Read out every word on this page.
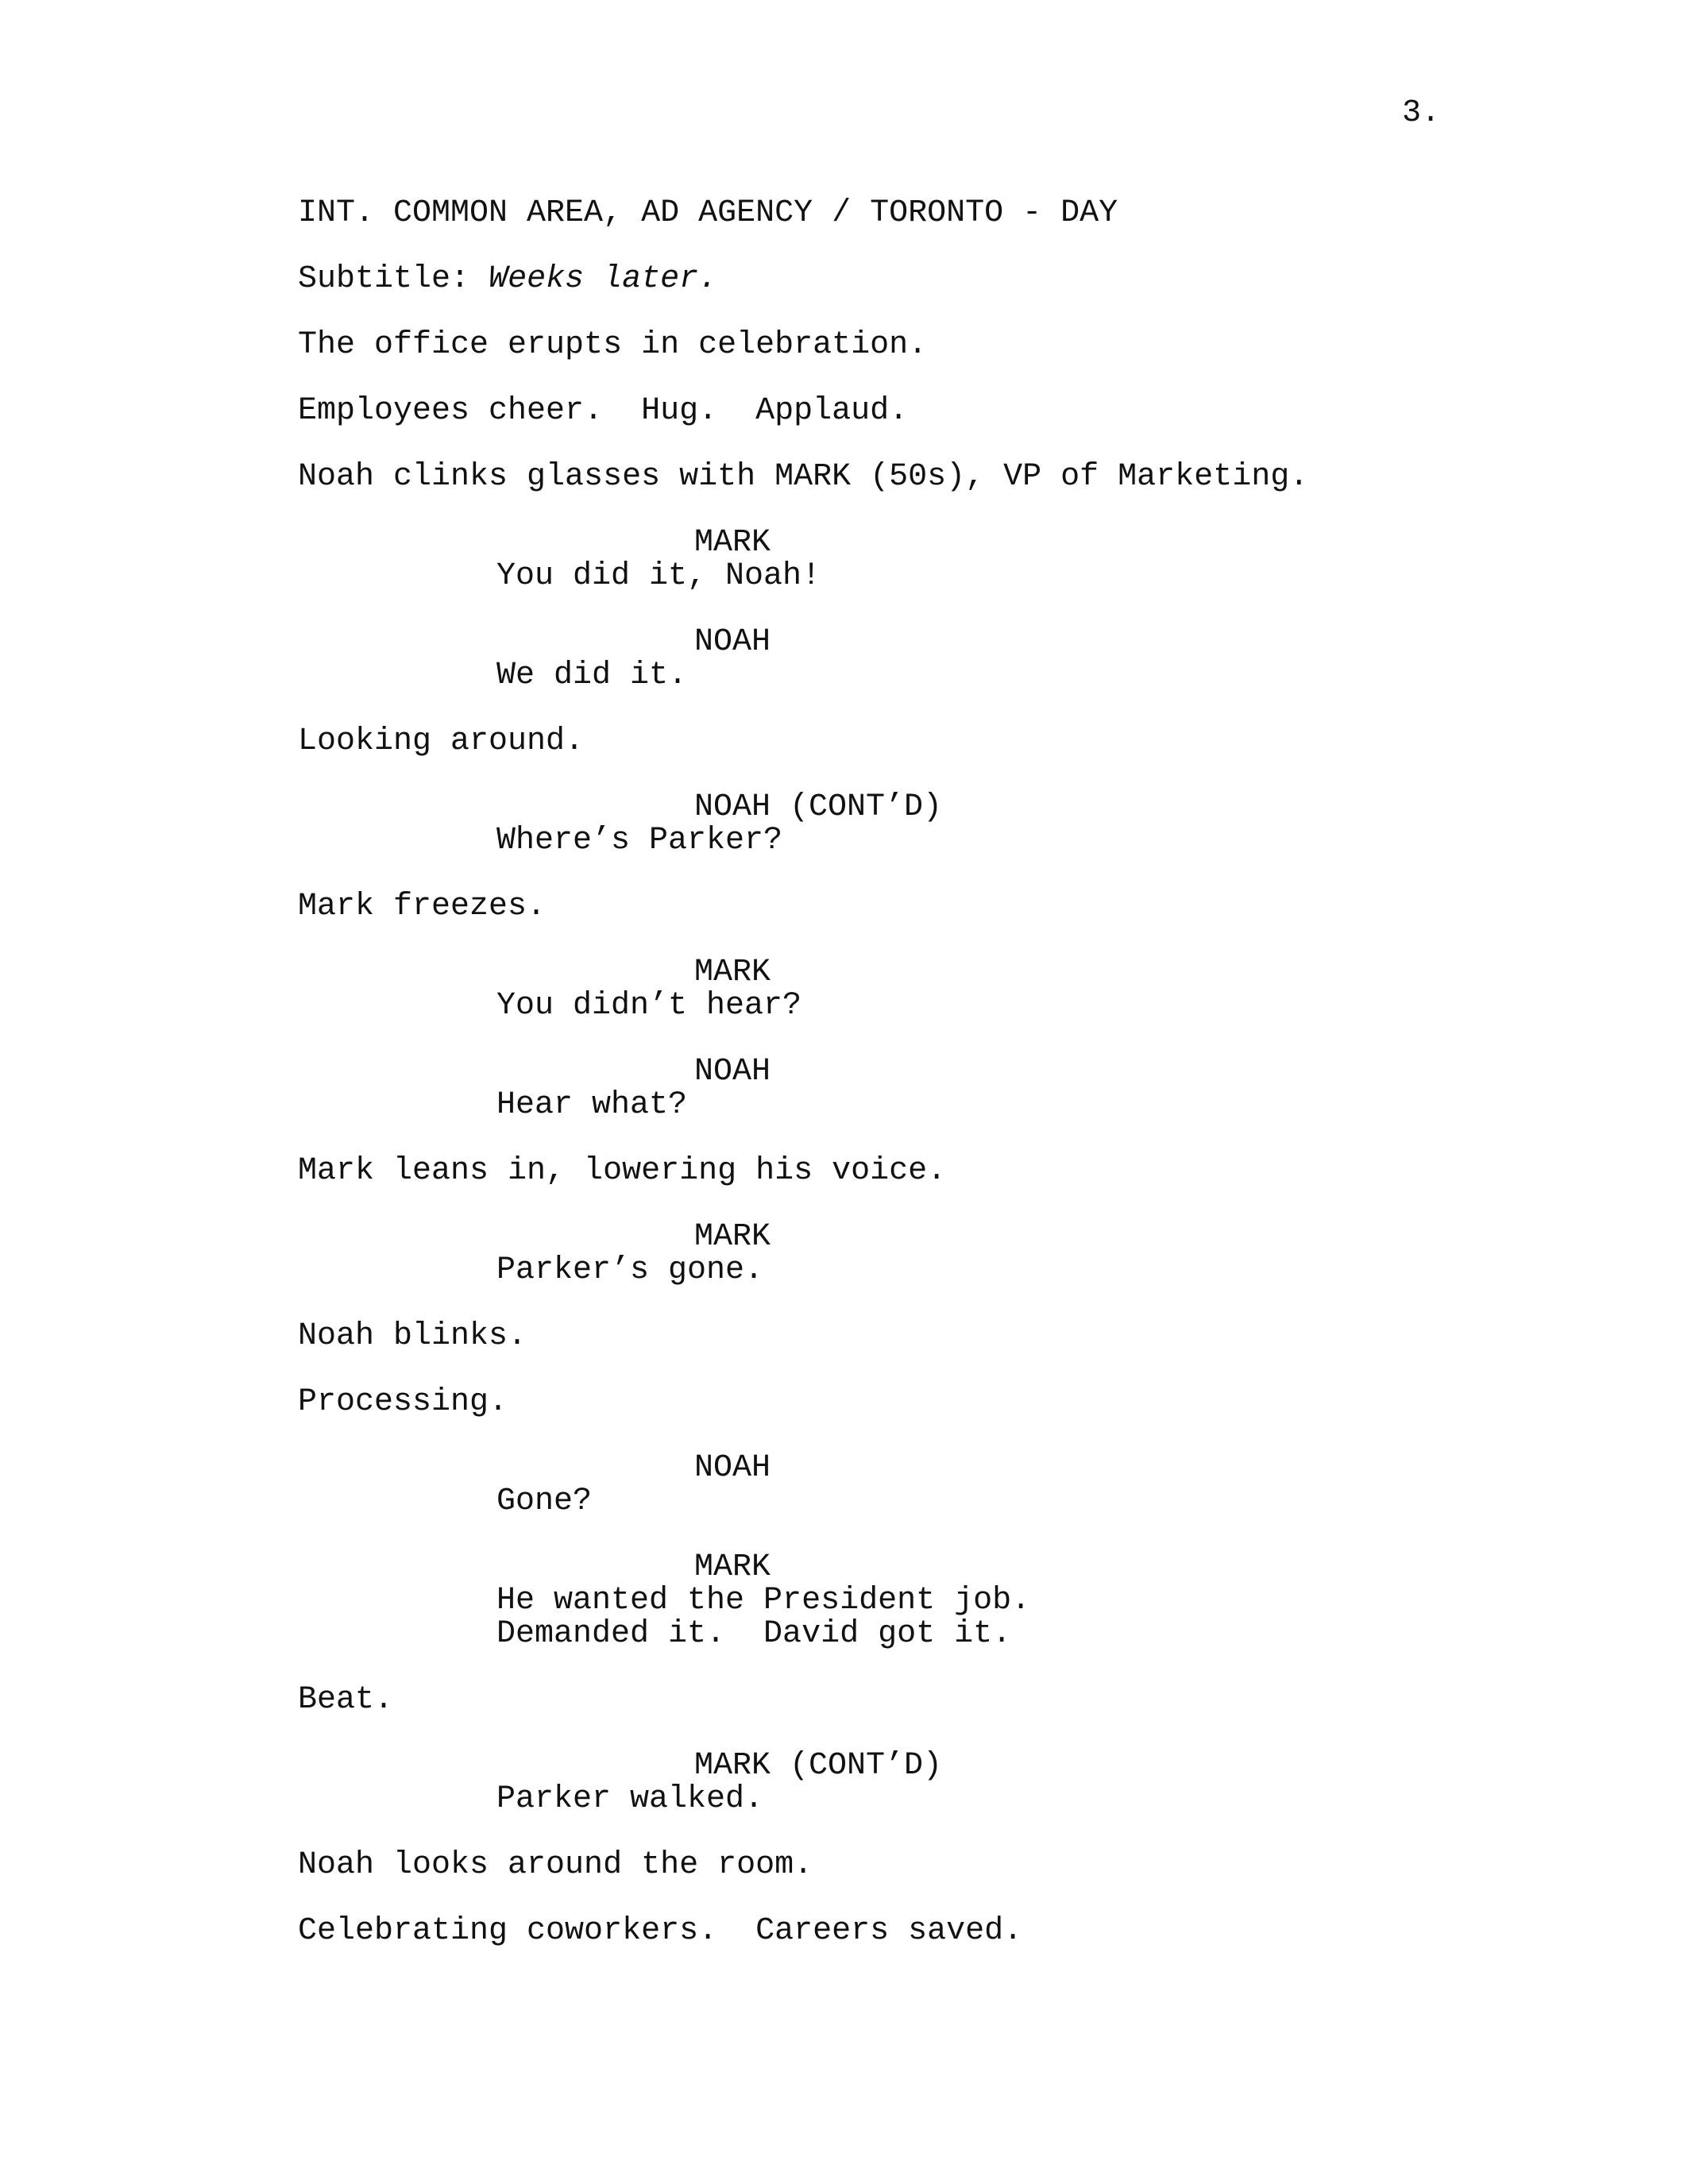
3.
INT. COMMON AREA, AD AGENCY / TORONTO - DAY
Subtitle: Weeks later.
The office erupts in celebration.
Employees cheer.  Hug.  Applaud.
Noah clinks glasses with MARK (50s), VP of Marketing.
MARK
You did it, Noah!
NOAH
We did it.
Looking around.
NOAH (CONT’D)
Where’s Parker?
Mark freezes.
MARK
You didn’t hear?
NOAH
Hear what?
Mark leans in, lowering his voice.
MARK
Parker’s gone.
Noah blinks.
Processing.
NOAH
Gone?
MARK
He wanted the President job.
Demanded it.  David got it.
Beat.
MARK (CONT’D)
Parker walked.
Noah looks around the room.
Celebrating coworkers.  Careers saved.
